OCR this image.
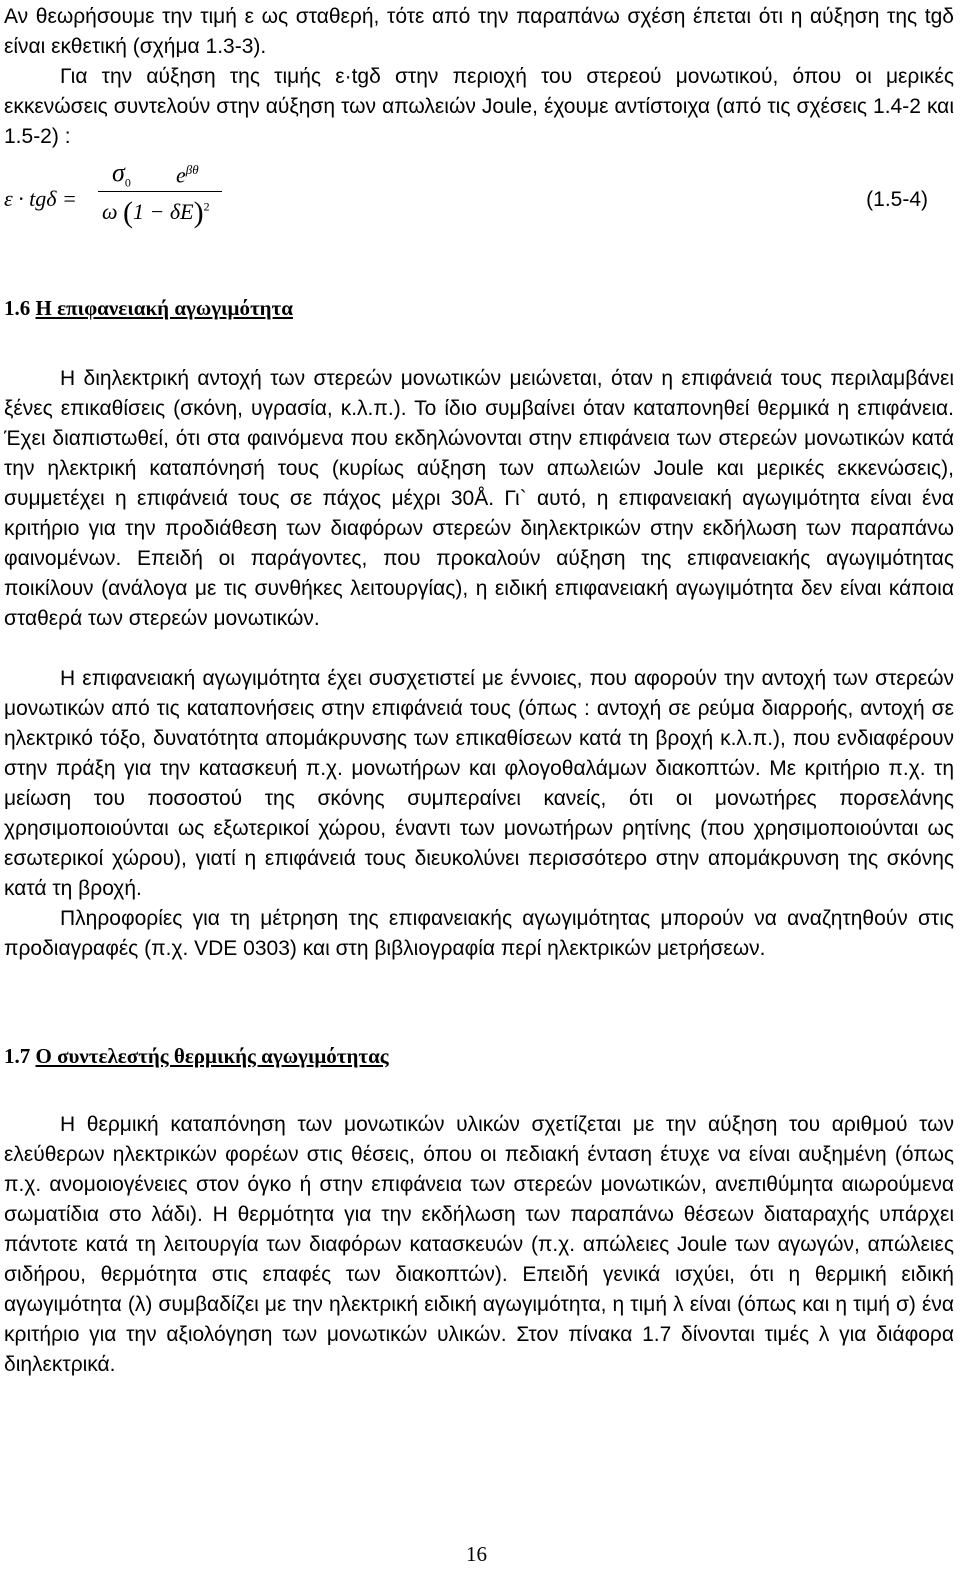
Αν θεωρήσουμε την τιμή ε ως σταθερή, τότε από την παραπάνω σχέση έπεται ότι η αύξηση της tgδ είναι εκθετική (σχήμα 1.3-3).

Για την αύξηση της τιμής ε·tgδ στην περιοχή του στερεού μονωτικού, όπου οι μερικές εκκενώσεις συντελούν στην αύξηση των απωλειών Joule, έχουμε αντίστοιχα (από τις σχέσεις 1.4-2 και 1.5-2) :

ε · tgδ =
$\sigma_0$ $e^{\beta\theta}$
ω $(1 - \delta E)^2$	(1.5-4)
1.6 Η επιφανειακή αγωγιμότητα

Η διηλεκτρική αντοχή των στερεών μονωτικών μειώνεται, όταν η επιφάνειά τους περιλαμβάνει ξένες επικαθίσεις (σκόνη, υγρασία, κ.λ.π.). Το ίδιο συμβαίνει όταν καταπονηθεί θερμικά η επιφάνεια. Έχει διαπιστωθεί, ότι στα φαινόμενα που εκδηλώνονται στην επιφάνεια των στερεών μονωτικών κατά την ηλεκτρική καταπόνησή τους (κυρίως αύξηση των απωλειών Joule και μερικές εκκενώσεις), συμμετέχει η επιφάνειά τους σε πάχος μέχρι 30Å. Γι` αυτό, η επιφανειακή αγωγιμότητα είναι ένα κριτήριο για την προδιάθεση των διαφόρων στερεών διηλεκτρικών στην εκδήλωση των παραπάνω φαινομένων. Επειδή οι παράγοντες, που προκαλούν αύξηση της επιφανειακής αγωγιμότητας ποικίλουν (ανάλογα με τις συνθήκες λειτουργίας), η ειδική επιφανειακή αγωγιμότητα δεν είναι κάποια σταθερά των στερεών μονωτικών.

Η επιφανειακή αγωγιμότητα έχει συσχετιστεί με έννοιες, που αφορούν την αντοχή των στερεών μονωτικών από τις καταπονήσεις στην επιφάνειά τους (όπως : αντοχή σε ρεύμα διαρροής, αντοχή σε ηλεκτρικό τόξο, δυνατότητα απομάκρυνσης των επικαθίσεων κατά τη βροχή κ.λ.π.), που ενδιαφέρουν στην πράξη για την κατασκευή π.χ. μονωτήρων και φλογοθαλάμων διακοπτών. Με κριτήριο π.χ. τη μείωση του ποσοστού της σκόνης συμπεραίνει κανείς, ότι οι μονωτήρες πορσελάνης χρησιμοποιούνται ως εξωτερικοί χώρου, έναντι των μονωτήρων ρητίνης (που χρησιμοποιούνται ως εσωτερικοί χώρου), γιατί η επιφάνειά τους διευκολύνει περισσότερο στην απομάκρυνση της σκόνης κατά τη βροχή.

Πληροφορίες για τη μέτρηση της επιφανειακής αγωγιμότητας μπορούν να αναζητηθούν στις προδιαγραφές (π.χ. VDE 0303) και στη βιβλιογραφία περί ηλεκτρικών μετρήσεων.

1.7 Ο συντελεστής θερμικής αγωγιμότητας

Η θερμική καταπόνηση των μονωτικών υλικών σχετίζεται με την αύξηση του αριθμού των ελεύθερων ηλεκτρικών φορέων στις θέσεις, όπου οι πεδιακή ένταση έτυχε να είναι αυξημένη (όπως π.χ. ανομοιογένειες στον όγκο ή στην επιφάνεια των στερεών μονωτικών, ανεπιθύμητα αιωρούμενα σωματίδια στο λάδι). Η θερμότητα για την εκδήλωση των παραπάνω θέσεων διαταραχής υπάρχει πάντοτε κατά τη λειτουργία των διαφόρων κατασκευών (π.χ. απώλειες Joule των αγωγών, απώλειες σιδήρου, θερμότητα στις επαφές των διακοπτών). Επειδή γενικά ισχύει, ότι η θερμική ειδική αγωγιμότητα (λ) συμβαδίζει με την ηλεκτρική ειδική αγωγιμότητα, η τιμή λ είναι (όπως και η τιμή σ) ένα κριτήριο για την αξιολόγηση των μονωτικών υλικών. Στον πίνακα 1.7 δίνονται τιμές λ για διάφορα διηλεκτρικά.

16
